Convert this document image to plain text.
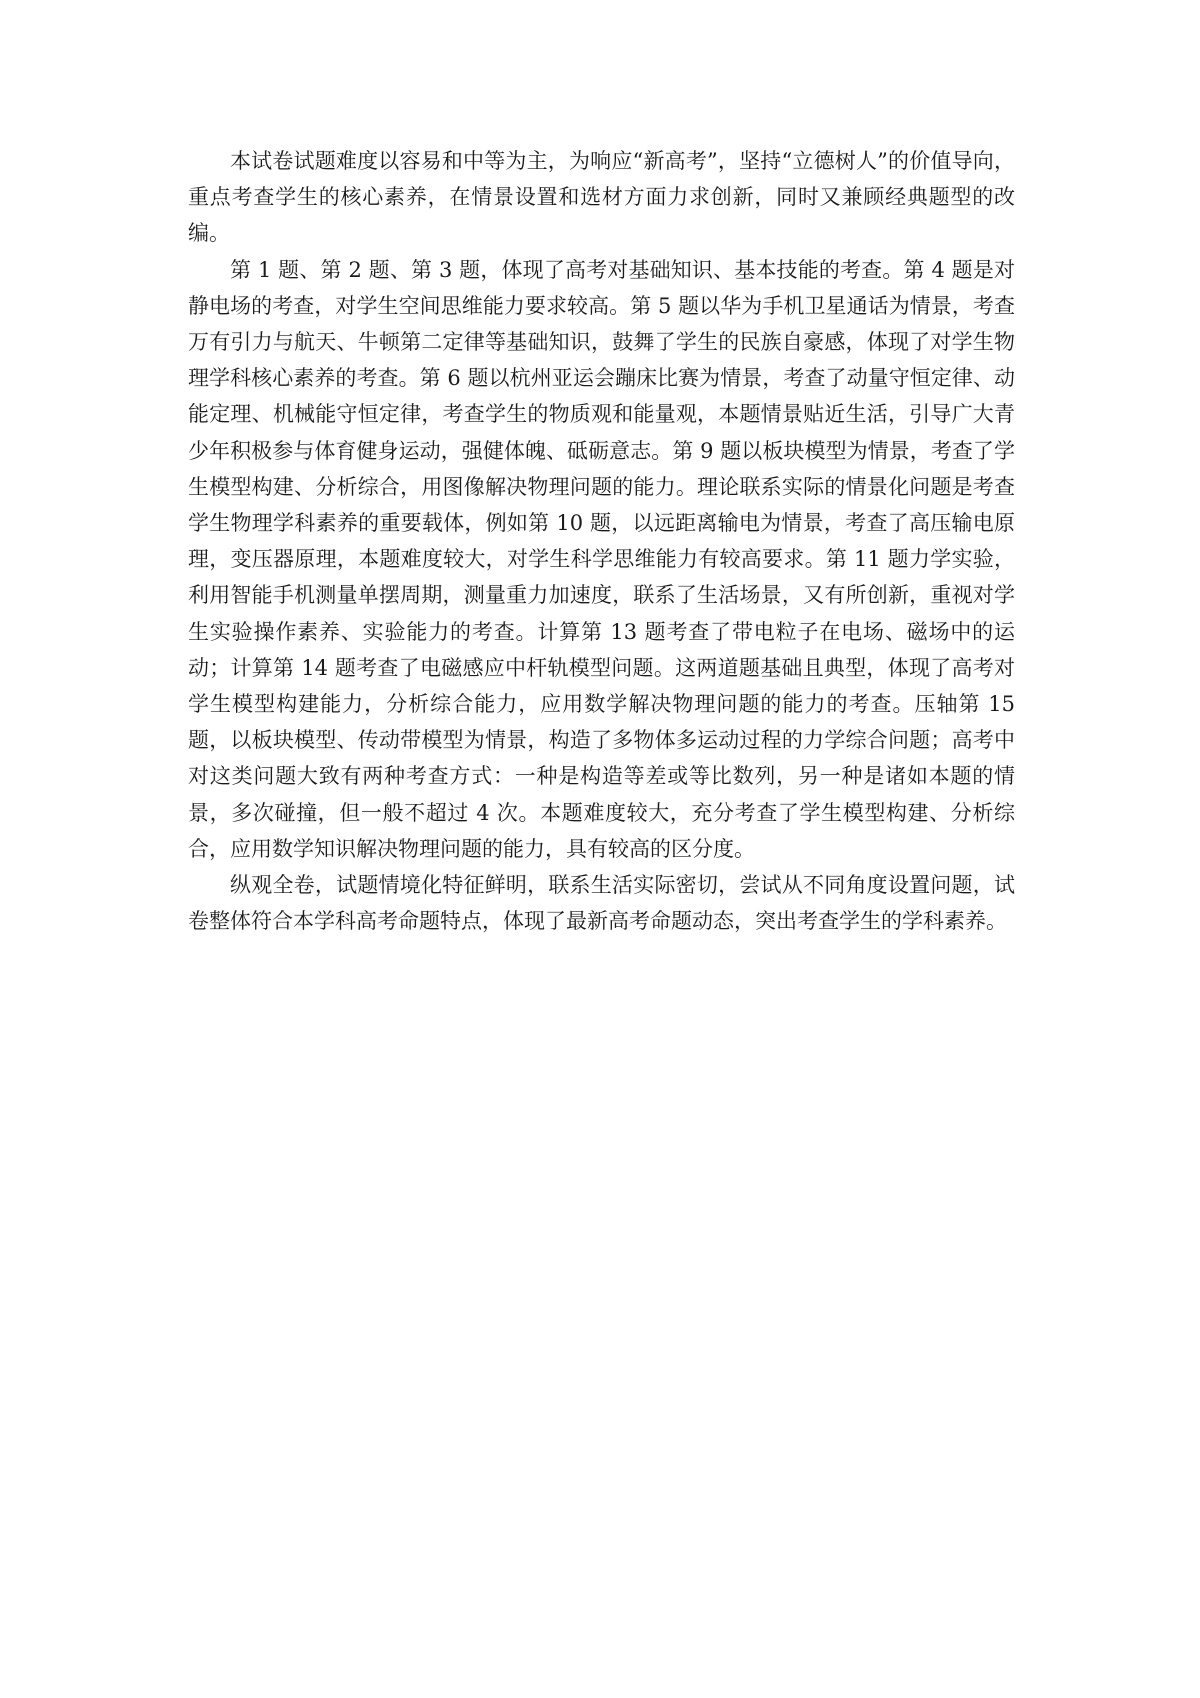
本试卷试题难度以容易和中等为主，为响应“新高考”，坚持“立德树人”的价值导向，重点考查学生的核心素养，在情景设置和选材方面力求创新，同时又兼顾经典题型的改编。

第 1 题、第 2 题、第 3 题，体现了高考对基础知识、基本技能的考查。第 4 题是对静电场的考查，对学生空间思维能力要求较高。第 5 题以华为手机卫星通话为情景，考查万有引力与航天、牛顿第二定律等基础知识，鼓舞了学生的民族自豪感，体现了对学生物理学科核心素养的考查。第 6 题以杭州亚运会蹦床比赛为情景，考查了动量守恒定律、动能定理、机械能守恒定律，考查学生的物质观和能量观，本题情景贴近生活，引导广大青少年积极参与体育健身运动，强健体魄、砥砺意志。第 9 题以板块模型为情景，考查了学生模型构建、分析综合，用图像解决物理问题的能力。理论联系实际的情景化问题是考查学生物理学科素养的重要载体，例如第 10 题，以远距离输电为情景，考查了高压输电原理，变压器原理，本题难度较大，对学生科学思维能力有较高要求。第 11 题力学实验，利用智能手机测量单摆周期，测量重力加速度，联系了生活场景，又有所创新，重视对学生实验操作素养、实验能力的考查。计算第 13 题考查了带电粒子在电场、磁场中的运动；计算第 14 题考查了电磁感应中杆轨模型问题。这两道题基础且典型，体现了高考对学生模型构建能力，分析综合能力，应用数学解决物理问题的能力的考查。压轴第 15 题，以板块模型、传动带模型为情景，构造了多物体多运动过程的力学综合问题；高考中对这类问题大致有两种考查方式：一种是构造等差或等比数列，另一种是诸如本题的情景，多次碰撞，但一般不超过 4 次。本题难度较大，充分考查了学生模型构建、分析综合，应用数学知识解决物理问题的能力，具有较高的区分度。

纵观全卷，试题情境化特征鲜明，联系生活实际密切，尝试从不同角度设置问题，试卷整体符合本学科高考命题特点，体现了最新高考命题动态，突出考查学生的学科素养。
